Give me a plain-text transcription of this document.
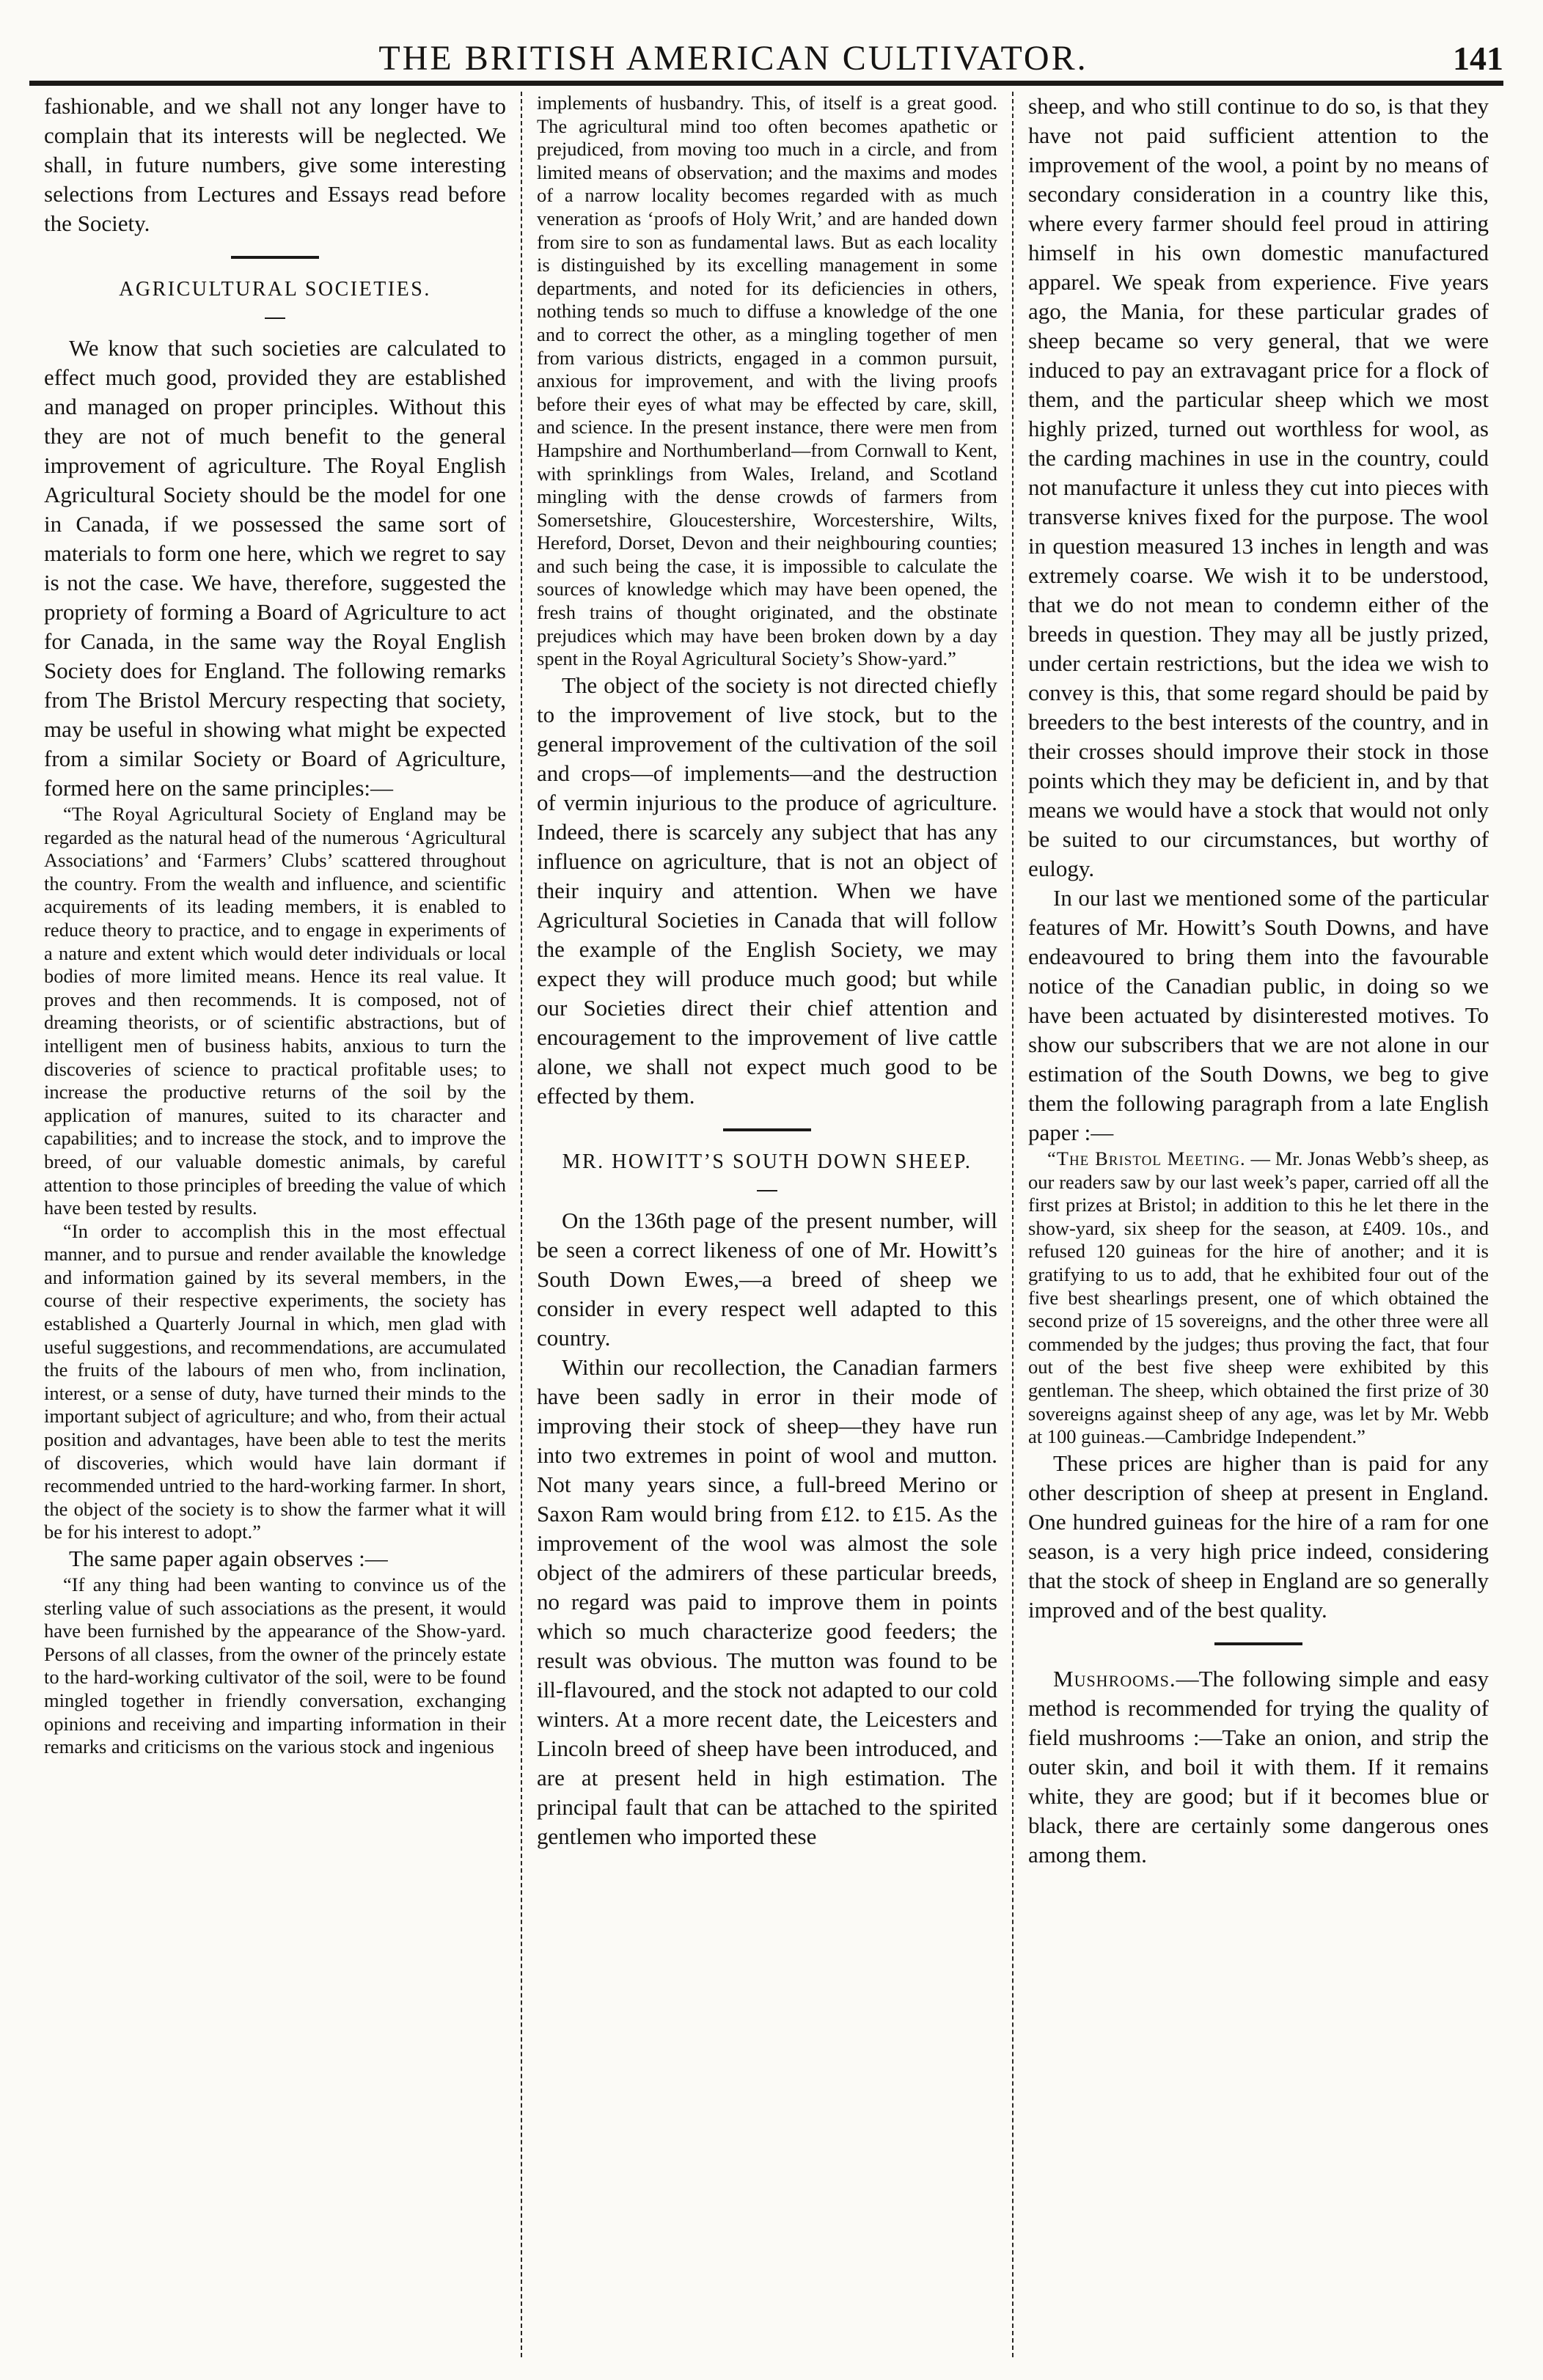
THE BRITISH AMERICAN CULTIVATOR.	141

fashionable, and we shall not any longer have to complain that its interests will be neglected. We shall, in future numbers, give some interesting selections from Lectures and Essays read before the Society.

AGRICULTURAL SOCIETIES.

We know that such societies are calculated to effect much good, provided they are established and managed on proper principles. Without this they are not of much benefit to the general improvement of agriculture. The Royal English Agricultural Society should be the model for one in Canada, if we possessed the same sort of materials to form one here, which we regret to say is not the case. We have, therefore, suggested the propriety of forming a Board of Agriculture to act for Canada, in the same way the Royal English Society does for England. The following remarks from The Bristol Mercury respecting that society, may be useful in showing what might be expected from a similar Society or Board of Agriculture, formed here on the same principles:—

“The Royal Agricultural Society of England may be regarded as the natural head of the numerous ‘Agricultural Associations’ and ‘Farmers’ Clubs’ scattered throughout the country. From the wealth and influence, and scientific acquirements of its leading members, it is enabled to reduce theory to practice, and to engage in experiments of a nature and extent which would deter individuals or local bodies of more limited means. Hence its real value. It proves and then recommends. It is composed, not of dreaming theorists, or of scientific abstractions, but of intelligent men of business habits, anxious to turn the discoveries of science to practical profitable uses; to increase the productive returns of the soil by the application of manures, suited to its character and capabilities; and to increase the stock, and to improve the breed, of our valuable domestic animals, by careful attention to those principles of breeding the value of which have been tested by results.

“In order to accomplish this in the most effectual manner, and to pursue and render available the knowledge and information gained by its several members, in the course of their respective experiments, the society has established a Quarterly Journal in which, men glad with useful suggestions, and recommendations, are accumulated the fruits of the labours of men who, from inclination, interest, or a sense of duty, have turned their minds to the important subject of agriculture; and who, from their actual position and advantages, have been able to test the merits of discoveries, which would have lain dormant if recommended untried to the hard-working farmer. In short, the object of the society is to show the farmer what it will be for his interest to adopt.”

The same paper again observes :—

“If any thing had been wanting to convince us of the sterling value of such associations as the present, it would have been furnished by the appearance of the Show-yard. Persons of all classes, from the owner of the princely estate to the hard-working cultivator of the soil, were to be found mingled together in friendly conversation, exchanging opinions and receiving and imparting information in their remarks and criticisms on the various stock and ingenious

implements of husbandry. This, of itself is a great good. The agricultural mind too often becomes apathetic or prejudiced, from moving too much in a circle, and from limited means of observation; and the maxims and modes of a narrow locality becomes regarded with as much veneration as ‘proofs of Holy Writ,’ and are handed down from sire to son as fundamental laws. But as each locality is distinguished by its excelling management in some departments, and noted for its deficiencies in others, nothing tends so much to diffuse a knowledge of the one and to correct the other, as a mingling together of men from various districts, engaged in a common pursuit, anxious for improvement, and with the living proofs before their eyes of what may be effected by care, skill, and science. In the present instance, there were men from Hampshire and Northumberland—from Cornwall to Kent, with sprinklings from Wales, Ireland, and Scotland mingling with the dense crowds of farmers from Somersetshire, Gloucestershire, Worcestershire, Wilts, Hereford, Dorset, Devon and their neighbouring counties; and such being the case, it is impossible to calculate the sources of knowledge which may have been opened, the fresh trains of thought originated, and the obstinate prejudices which may have been broken down by a day spent in the Royal Agricultural Society’s Show-yard.”

The object of the society is not directed chiefly to the improvement of live stock, but to the general improvement of the cultivation of the soil and crops—of implements—and the destruction of vermin injurious to the produce of agriculture. Indeed, there is scarcely any subject that has any influence on agriculture, that is not an object of their inquiry and attention. When we have Agricultural Societies in Canada that will follow the example of the English Society, we may expect they will produce much good; but while our Societies direct their chief attention and encouragement to the improvement of live cattle alone, we shall not expect much good to be effected by them.

MR. HOWITT’S SOUTH DOWN SHEEP.

On the 136th page of the present number, will be seen a correct likeness of one of Mr. Howitt’s South Down Ewes,—a breed of sheep we consider in every respect well adapted to this country.

Within our recollection, the Canadian farmers have been sadly in error in their mode of improving their stock of sheep—they have run into two extremes in point of wool and mutton. Not many years since, a full-breed Merino or Saxon Ram would bring from £12. to £15. As the improvement of the wool was almost the sole object of the admirers of these particular breeds, no regard was paid to improve them in points which so much characterize good feeders; the result was obvious. The mutton was found to be ill-flavoured, and the stock not adapted to our cold winters. At a more recent date, the Leicesters and Lincoln breed of sheep have been introduced, and are at present held in high estimation. The principal fault that can be attached to the spirited gentlemen who imported these

sheep, and who still continue to do so, is that they have not paid sufficient attention to the improvement of the wool, a point by no means of secondary consideration in a country like this, where every farmer should feel proud in attiring himself in his own domestic manufactured apparel. We speak from experience. Five years ago, the Mania, for these particular grades of sheep became so very general, that we were induced to pay an extravagant price for a flock of them, and the particular sheep which we most highly prized, turned out worthless for wool, as the carding machines in use in the country, could not manufacture it unless they cut into pieces with transverse knives fixed for the purpose. The wool in question measured 13 inches in length and was extremely coarse. We wish it to be understood, that we do not mean to condemn either of the breeds in question. They may all be justly prized, under certain restrictions, but the idea we wish to convey is this, that some regard should be paid by breeders to the best interests of the country, and in their crosses should improve their stock in those points which they may be deficient in, and by that means we would have a stock that would not only be suited to our circumstances, but worthy of eulogy.

In our last we mentioned some of the particular features of Mr. Howitt’s South Downs, and have endeavoured to bring them into the favourable notice of the Canadian public, in doing so we have been actuated by disinterested motives. To show our subscribers that we are not alone in our estimation of the South Downs, we beg to give them the following paragraph from a late English paper :—

“The Bristol Meeting. — Mr. Jonas Webb’s sheep, as our readers saw by our last week’s paper, carried off all the first prizes at Bristol; in addition to this he let there in the show-yard, six sheep for the season, at £409. 10s., and refused 120 guineas for the hire of another; and it is gratifying to us to add, that he exhibited four out of the five best shearlings present, one of which obtained the second prize of 15 sovereigns, and the other three were all commended by the judges; thus proving the fact, that four out of the best five sheep were exhibited by this gentleman. The sheep, which obtained the first prize of 30 sovereigns against sheep of any age, was let by Mr. Webb at 100 guineas.—Cambridge Independent.”

These prices are higher than is paid for any other description of sheep at present in England. One hundred guineas for the hire of a ram for one season, is a very high price indeed, considering that the stock of sheep in England are so generally improved and of the best quality.

Mushrooms.—The following simple and easy method is recommended for trying the quality of field mushrooms :—Take an onion, and strip the outer skin, and boil it with them. If it remains white, they are good; but if it becomes blue or black, there are certainly some dangerous ones among them.
